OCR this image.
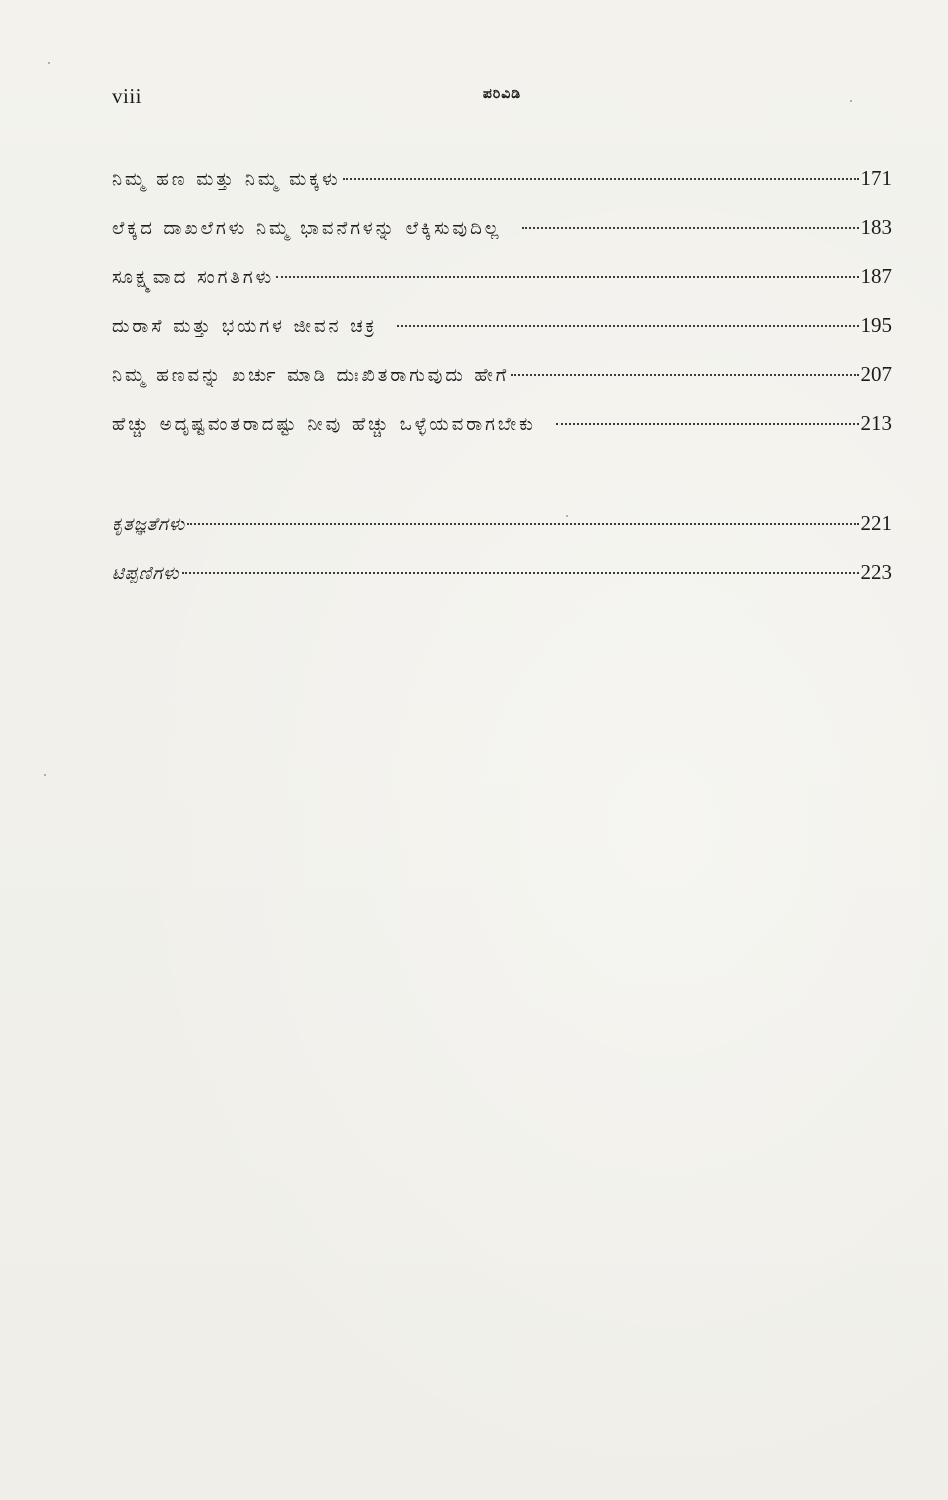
viii	ಪರಿವಿಡಿ
ನಿಮ್ಮ ಹಣ ಮತ್ತು ನಿಮ್ಮ ಮಕ್ಕಳು	171
ಲೆಕ್ಕದ ದಾಖಲೆಗಳು ನಿಮ್ಮ ಭಾವನೆಗಳನ್ನು ಲೆಕ್ಕಿಸುವುದಿಲ್ಲ	183
ಸೂಕ್ಷ್ಮವಾದ ಸಂಗತಿಗಳು	187
ದುರಾಸೆ ಮತ್ತು ಭಯಗಳ ಜೀವನ ಚಕ್ರ	195
ನಿಮ್ಮ ಹಣವನ್ನು ಖರ್ಚು ಮಾಡಿ ದುಃಖಿತರಾಗುವುದು ಹೇಗೆ	207
ಹೆಚ್ಚು ಅದೃಷ್ಟವಂತರಾದಷ್ಟು ನೀವು ಹೆಚ್ಚು ಒಳ್ಳೆಯವರಾಗಬೇಕು	213
ಕೃತಜ್ಞತೆಗಳು	221
ಟಿಪ್ಪಣಿಗಳು	223
